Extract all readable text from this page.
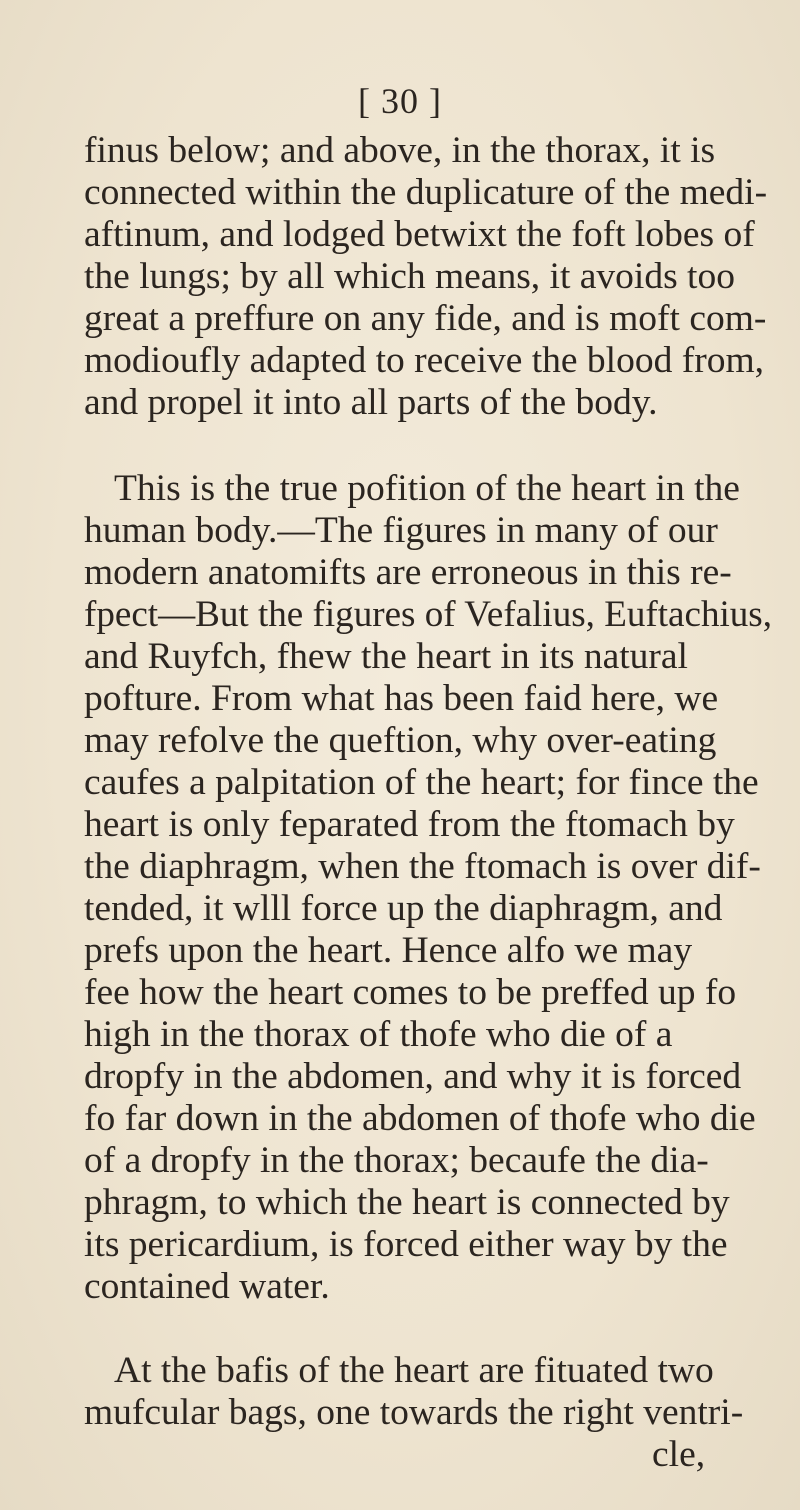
[ 30 ]
finus below; and above, in the thorax, it is
connected within the duplicature of the medi-
aftinum, and lodged betwixt the foft lobes of
the lungs; by all which means, it avoids too
great a preffure on any fide, and is moft com-
modioufly adapted to receive the blood from,
and propel it into all parts of the body.
This is the true pofition of the heart in the
human body.—The figures in many of our
modern anatomifts are erroneous in this re-
fpect—But the figures of Vefalius, Euftachius,
and Ruyfch, fhew the heart in its natural
pofture. From what has been faid here, we
may refolve the queftion, why over-eating
caufes a palpitation of the heart; for fince the
heart is only feparated from the ftomach by
the diaphragm, when the ftomach is over dif-
tended, it wlll force up the diaphragm, and
prefs upon the heart. Hence alfo we may
fee how the heart comes to be preffed up fo
high in the thorax of thofe who die of a
dropfy in the abdomen, and why it is forced
fo far down in the abdomen of thofe who die
of a dropfy in the thorax; becaufe the dia-
phragm, to which the heart is connected by
its pericardium, is forced either way by the
contained water.
At the bafis of the heart are fituated two
mufcular bags, one towards the right ventri-
cle,
